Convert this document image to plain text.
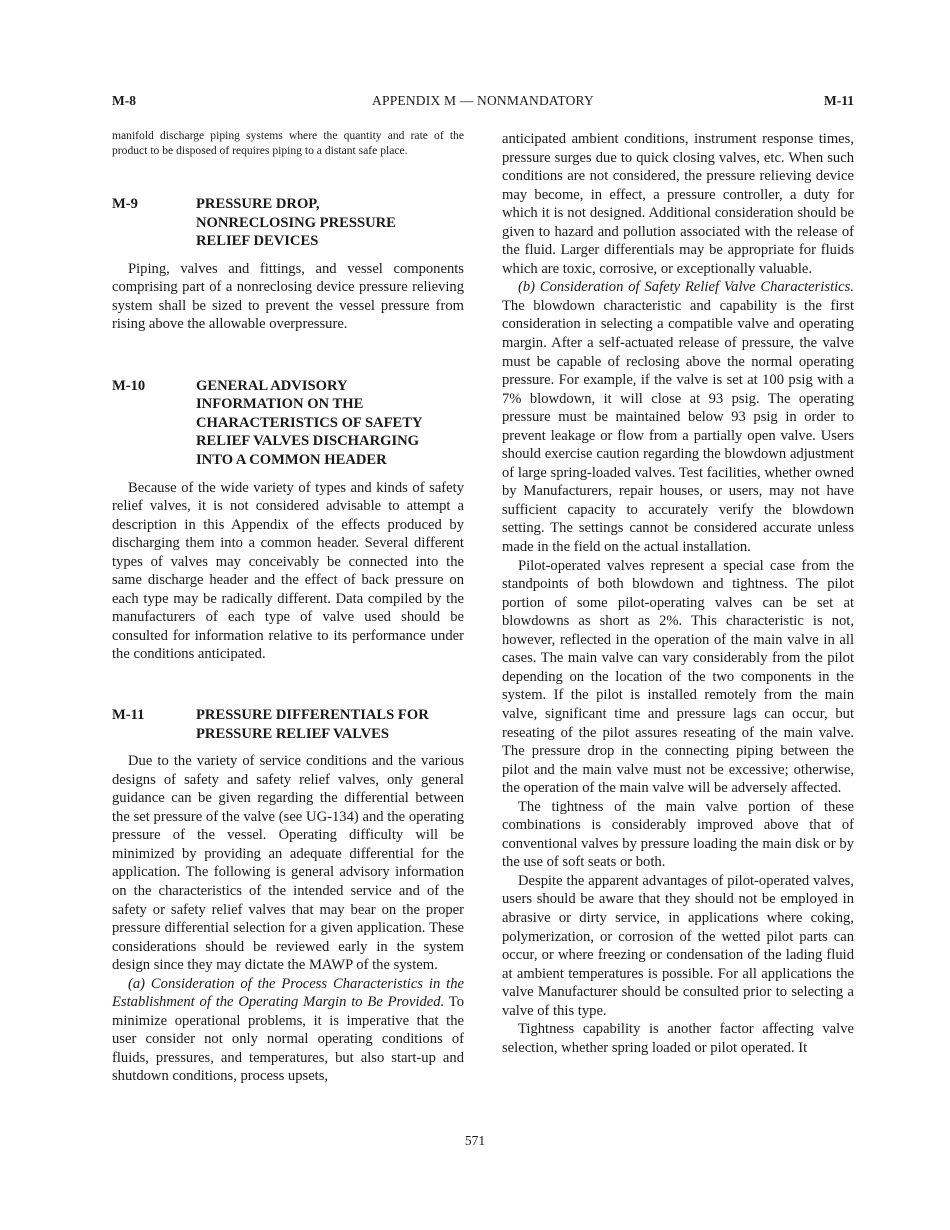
M-8	APPENDIX M — NONMANDATORY	M-11

manifold discharge piping systems where the quantity and rate of the product to be disposed of requires piping to a distant safe place.

M-9	PRESSURE DROP, NONRECLOSING PRESSURE RELIEF DEVICES

Piping, valves and fittings, and vessel components comprising part of a nonreclosing device pressure relieving system shall be sized to prevent the vessel pressure from rising above the allowable overpressure.

M-10	GENERAL ADVISORY INFORMATION ON THE CHARACTERISTICS OF SAFETY RELIEF VALVES DISCHARGING INTO A COMMON HEADER

Because of the wide variety of types and kinds of safety relief valves, it is not considered advisable to attempt a description in this Appendix of the effects produced by discharging them into a common header. Several different types of valves may conceivably be connected into the same discharge header and the effect of back pressure on each type may be radically different. Data compiled by the manufacturers of each type of valve used should be consulted for information relative to its performance under the conditions anticipated.

M-11	PRESSURE DIFFERENTIALS FOR PRESSURE RELIEF VALVES

Due to the variety of service conditions and the various designs of safety and safety relief valves, only general guidance can be given regarding the differential between the set pressure of the valve (see UG-134) and the operating pressure of the vessel. Operating difficulty will be minimized by providing an adequate differential for the application. The following is general advisory information on the characteristics of the intended service and of the safety or safety relief valves that may bear on the proper pressure differential selection for a given application. These considerations should be reviewed early in the system design since they may dictate the MAWP of the system.

(a) Consideration of the Process Characteristics in the Establishment of the Operating Margin to Be Provided. To minimize operational problems, it is imperative that the user consider not only normal operating conditions of fluids, pressures, and temperatures, but also start-up and shutdown conditions, process upsets,

anticipated ambient conditions, instrument response times, pressure surges due to quick closing valves, etc. When such conditions are not considered, the pressure relieving device may become, in effect, a pressure controller, a duty for which it is not designed. Additional consideration should be given to hazard and pollution associated with the release of the fluid. Larger differentials may be appropriate for fluids which are toxic, corrosive, or exceptionally valuable.

(b) Consideration of Safety Relief Valve Characteristics. The blowdown characteristic and capability is the first consideration in selecting a compatible valve and operating margin. After a self-actuated release of pressure, the valve must be capable of reclosing above the normal operating pressure. For example, if the valve is set at 100 psig with a 7% blowdown, it will close at 93 psig. The operating pressure must be maintained below 93 psig in order to prevent leakage or flow from a partially open valve. Users should exercise caution regarding the blowdown adjustment of large spring-loaded valves. Test facilities, whether owned by Manufacturers, repair houses, or users, may not have sufficient capacity to accurately verify the blowdown setting. The settings cannot be considered accurate unless made in the field on the actual installation.

Pilot-operated valves represent a special case from the standpoints of both blowdown and tightness. The pilot portion of some pilot-operating valves can be set at blowdowns as short as 2%. This characteristic is not, however, reflected in the operation of the main valve in all cases. The main valve can vary considerably from the pilot depending on the location of the two components in the system. If the pilot is installed remotely from the main valve, significant time and pressure lags can occur, but reseating of the pilot assures reseating of the main valve. The pressure drop in the connecting piping between the pilot and the main valve must not be excessive; otherwise, the operation of the main valve will be adversely affected.

The tightness of the main valve portion of these combinations is considerably improved above that of conventional valves by pressure loading the main disk or by the use of soft seats or both.

Despite the apparent advantages of pilot-operated valves, users should be aware that they should not be employed in abrasive or dirty service, in applications where coking, polymerization, or corrosion of the wetted pilot parts can occur, or where freezing or condensation of the lading fluid at ambient temperatures is possible. For all applications the valve Manufacturer should be consulted prior to selecting a valve of this type.

Tightness capability is another factor affecting valve selection, whether spring loaded or pilot operated. It

571
